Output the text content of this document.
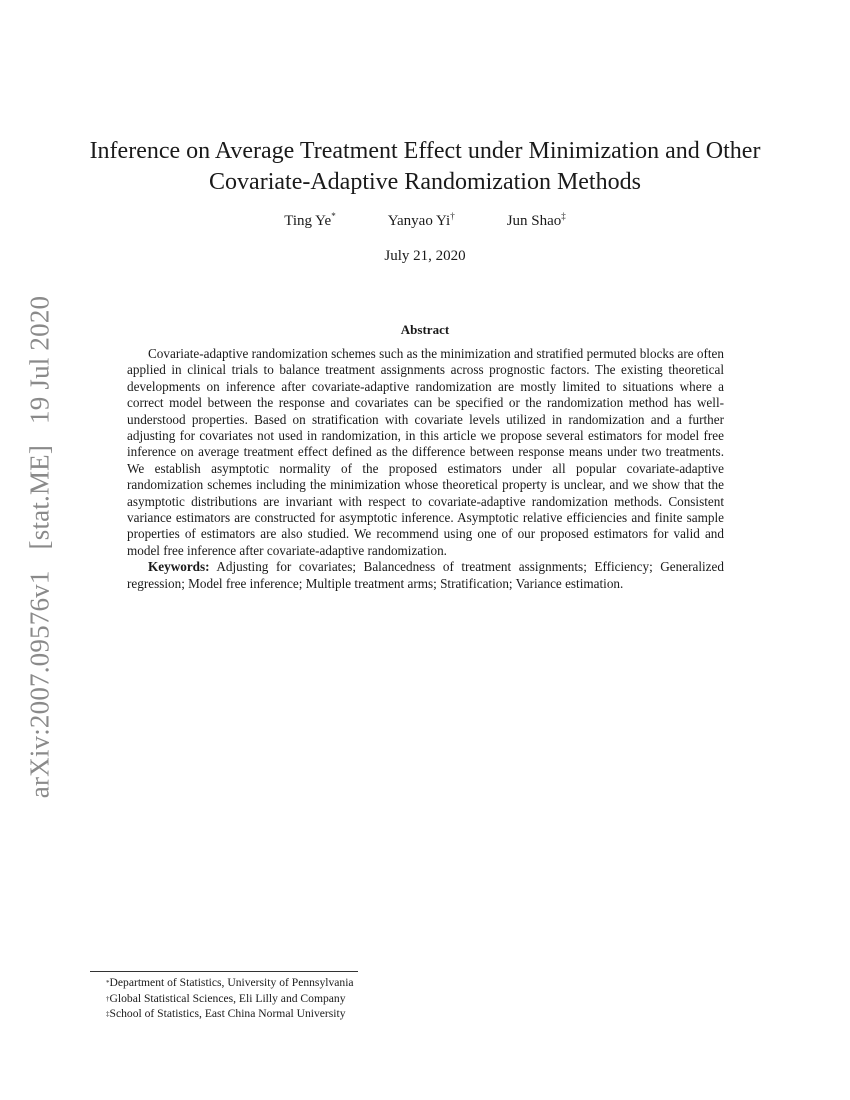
arXiv:2007.09576v1 [stat.ME] 19 Jul 2020
Inference on Average Treatment Effect under Minimization and Other Covariate-Adaptive Randomization Methods
Ting Ye*	Yanyao Yi†	Jun Shao‡
July 21, 2020
Abstract

Covariate-adaptive randomization schemes such as the minimization and stratified permuted blocks are often applied in clinical trials to balance treatment assignments across prognostic factors. The existing theoretical developments on inference after covariate-adaptive randomization are mostly limited to situations where a correct model between the response and covariates can be specified or the randomization method has well-understood properties. Based on stratification with covariate levels utilized in randomization and a further adjusting for covariates not used in randomization, in this article we propose several estimators for model free inference on average treatment effect defined as the difference between response means under two treatments. We establish asymptotic normality of the proposed estimators under all popular covariate-adaptive randomization schemes including the minimization whose theoretical property is unclear, and we show that the asymptotic distributions are invariant with respect to covariate-adaptive randomization methods. Consistent variance estimators are constructed for asymptotic inference. Asymptotic relative efficiencies and finite sample properties of estimators are also studied. We recommend using one of our proposed estimators for valid and model free inference after covariate-adaptive randomization.

Keywords: Adjusting for covariates; Balancedness of treatment assignments; Efficiency; Generalized regression; Model free inference; Multiple treatment arms; Stratification; Variance estimation.

*Department of Statistics, University of Pennsylvania
†Global Statistical Sciences, Eli Lilly and Company
‡School of Statistics, East China Normal University
